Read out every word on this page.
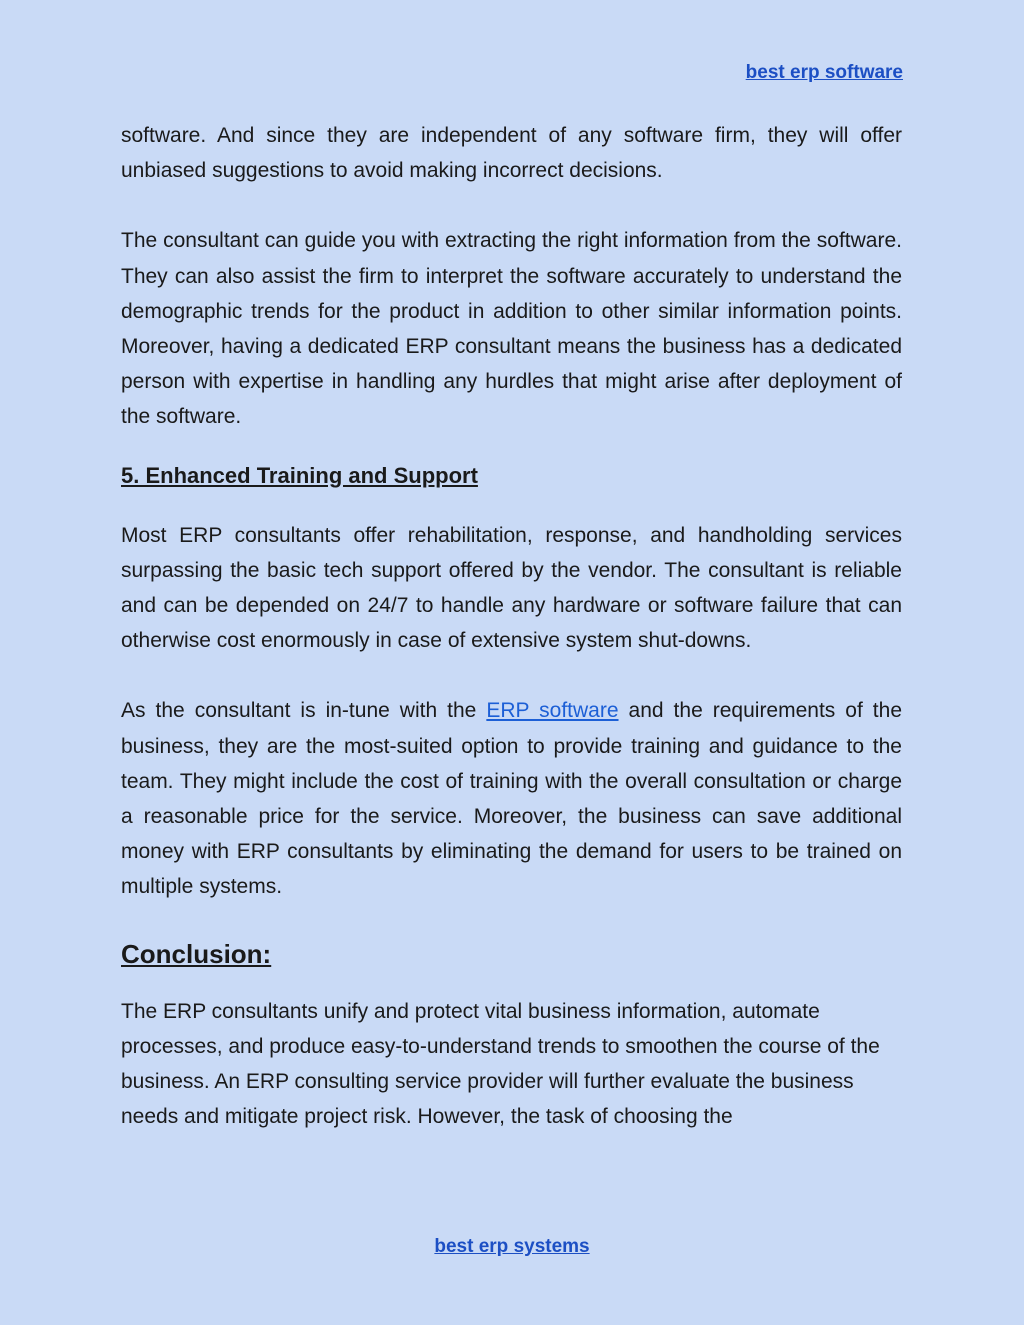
best erp software

software. And since they are independent of any software firm, they will offer unbiased suggestions to avoid making incorrect decisions.

The consultant can guide you with extracting the right information from the software. They can also assist the firm to interpret the software accurately to understand the demographic trends for the product in addition to other similar information points. Moreover, having a dedicated ERP consultant means the business has a dedicated person with expertise in handling any hurdles that might arise after deployment of the software.

5. Enhanced Training and Support

Most ERP consultants offer rehabilitation, response, and handholding services surpassing the basic tech support offered by the vendor. The consultant is reliable and can be depended on 24/7 to handle any hardware or software failure that can otherwise cost enormously in case of extensive system shut-downs.

As the consultant is in-tune with the ERP software and the requirements of the business, they are the most-suited option to provide training and guidance to the team. They might include the cost of training with the overall consultation or charge a reasonable price for the service. Moreover, the business can save additional money with ERP consultants by eliminating the demand for users to be trained on multiple systems.

Conclusion:

The ERP consultants unify and protect vital business information, automate processes, and produce easy-to-understand trends to smoothen the course of the business. An ERP consulting service provider will further evaluate the business needs and mitigate project risk. However, the task of choosing the

best erp systems
